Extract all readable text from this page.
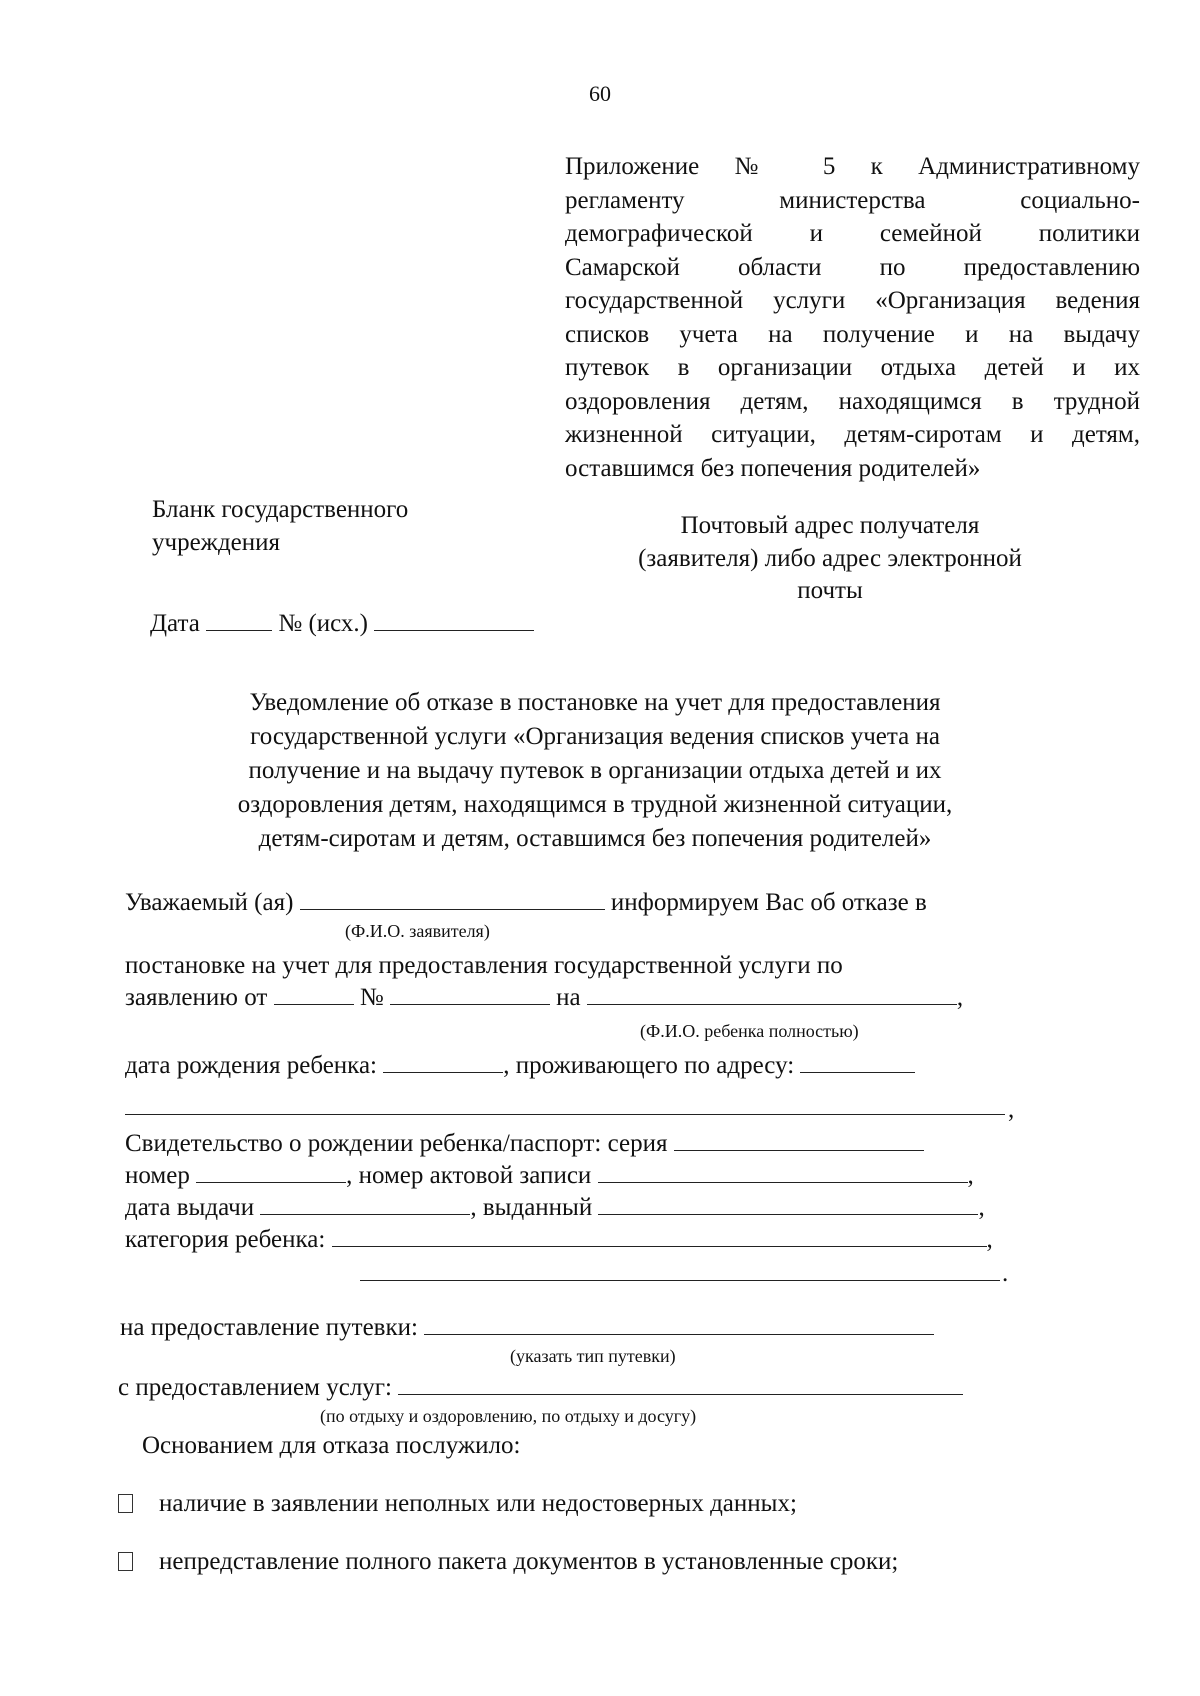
60
Приложение № 5 к Административному
регламенту министерства социально-
демографической и семейной политики
Самарской области по предоставлению
государственной услуги «Организация ведения
списков учета на получение и на выдачу
путевок в организации отдыха детей и их
оздоровления детям, находящимся в трудной
жизненной ситуации, детям-сиротам и детям,
оставшимся без попечения родителей»
Бланк государственного
учреждения
Почтовый адрес получателя
(заявителя) либо адрес электронной
почты
Дата	№ (исх.)
Уведомление об отказе в постановке на учет для предоставления
государственной услуги «Организация ведения списков учета на
получение и на выдачу путевок в организации отдыха детей и их
оздоровления детям, находящимся в трудной жизненной ситуации,
детям-сиротам и детям, оставшимся без попечения родителей»
Уважаемый (ая)	информируем Вас об отказе в
(Ф.И.О. заявителя)
постановке на учет для предоставления государственной услуги по
заявлению от	№	на	,
(Ф.И.О. ребенка полностью)
дата рождения ребенка:	, проживающего по адресу:
,
Свидетельство о рождении ребенка/паспорт: серия
номер	, номер актовой записи	,
дата выдачи	, выданный	,
категория ребенка:	,
.
на предоставление путевки:
(указать тип путевки)
с предоставлением услуг:
(по отдыху и оздоровлению, по отдыху и досугу)
Основанием для отказа послужило:
наличие в заявлении неполных или недостоверных данных;
непредставление полного пакета документов в установленные сроки;
